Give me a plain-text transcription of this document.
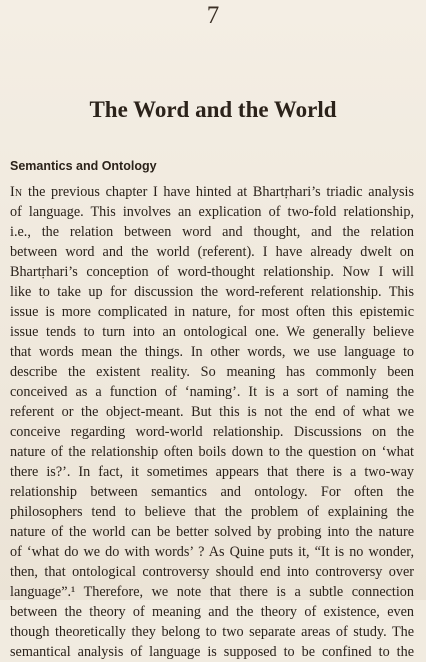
7
The Word and the World
Semantics and Ontology
In the previous chapter I have hinted at Bhartṛhari’s triadic analysis
of language. This involves an explication of two-fold relationship,
i.e., the relation between word and thought, and the relation
between word and the world (referent). I have already dwelt on
Bhartṛhari’s conception of word-thought relationship. Now I will
like to take up for discussion the word-referent relationship. This
issue is more complicated in nature, for most often this epistemic
issue tends to turn into an ontological one. We generally believe
that words mean the things. In other words, we use language to
describe the existent reality. So meaning has commonly been
conceived as a function of ‘naming’. It is a sort of naming the
referent or the object-meant. But this is not the end of what we
conceive regarding word-world relationship. Discussions on the
nature of the relationship often boils down to the question on ‘what
there is?’. In fact, it sometimes appears that there is a two-way
relationship between semantics and ontology. For often the
philosophers tend to believe that the problem of explaining the
nature of the world can be better solved by probing into the nature
of ‘what do we do with words’ ? As Quine puts it, “It is no wonder,
then, that ontological controversy should end into controversy over
language”.¹ Therefore, we note that there is a subtle connection
between the theory of meaning and the theory of existence, even
though theoretically they belong to two separate areas of study. The
semantical analysis of language is supposed to be confined to the
